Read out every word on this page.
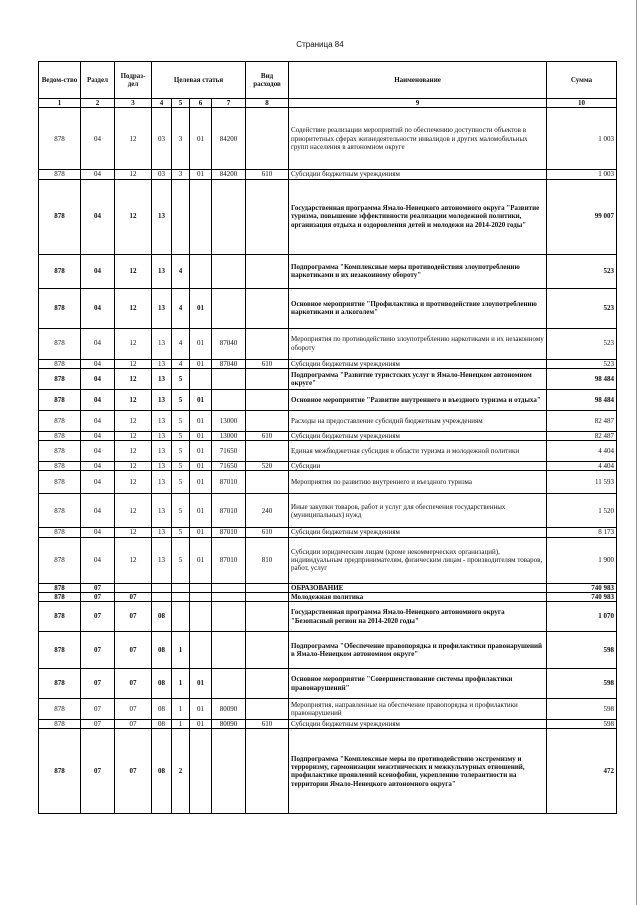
Страница 84
Ведом-ство	Раздел	Подраз-дел	Целевая статья				Вид расходов	Наименование	Сумма
1	2	3	4	5	6	7	8	9	10
878	04	12	03	3	01	84200		Содействие реализации мероприятий по обеспечению доступности объектов в приоритетных сферах жизнедеятельности инвалидов и других маломобильных групп населения в автономном округе	1 003
878	04	12	03	3	01	84200	610	Субсидии бюджетным учреждениям	1 003
878	04	12	13					Государственная программа Ямало-Ненецкого автономного округа "Развитие туризма, повышение эффективности реализации молодежной политики, организация отдыха и оздоровления детей и молодежи на 2014-2020 годы"	99 007
878	04	12	13	4				Подпрограмма "Комплексные меры противодействия злоупотреблению наркотиками и их незаконному обороту"	523
878	04	12	13	4	01			Основное мероприятие "Профилактика и противодействие злоупотреблению наркотиками и алкоголем"	523
878	04	12	13	4	01	87040		Мероприятия по противодействию злоупотреблению наркотиками и их незаконному обороту	523
878	04	12	13	4	01	87040	610	Субсидии бюджетным учреждениям	523
878	04	12	13	5				Подпрограмма "Развитие туристских услуг в Ямало-Ненецком автономном округе"	98 484
878	04	12	13	5	01			Основное мероприятие "Развитие внутреннего и въездного туризма и отдыха"	98 484
878	04	12	13	5	01	13000		Расходы на предоставление субсидий бюджетным учреждениям	82 487
878	04	12	13	5	01	13000	610	Субсидии бюджетным учреждениям	82 487
878	04	12	13	5	01	71650		Единая межбюджетная субсидия в области туризма и молодежной политики	4 404
878	04	12	13	5	01	71650	520	Субсидии	4 404
878	04	12	13	5	01	87010		Мероприятия по развитию внутреннего и въездного туризма	11 593
878	04	12	13	5	01	87010	240	Иные закупки товаров, работ и услуг для обеспечения государственных (муниципальных) нужд	1 520
878	04	12	13	5	01	87010	610	Субсидии бюджетным учреждениям	8 173
878	04	12	13	5	01	87010	810	Субсидии юридическим лицам (кроме некоммерческих организаций), индивидуальным предпринимателям, физическим лицам - производителям товаров, работ, услуг	1 900
878	07							ОБРАЗОВАНИЕ	740 983
878	07	07						Молодежная политика	740 983
878	07	07	08					Государственная программа Ямало-Ненецкого автономного округа "Безопасный регион на 2014-2020 годы"	1 070
878	07	07	08	1				Подпрограмма "Обеспечение правопорядка и профилактики правонарушений в Ямало-Ненецком автономном округе"	598
878	07	07	08	1	01			Основное мероприятие "Совершенствование системы профилактики правонарушений"	598
878	07	07	08	1	01	80090		Мероприятия, направленные на обеспечение правопорядка и профилактики правонарушений	598
878	07	07	08	1	01	80090	610	Субсидии бюджетным учреждениям	598
878	07	07	08	2				Подпрограмма "Комплексные меры по противодействию экстремизму и терроризму, гармонизации межэтнических и межкультурных отношений, профилактике проявлений ксенофобии, укреплению толерантности на территории Ямало-Ненецкого автономного округа"	472
